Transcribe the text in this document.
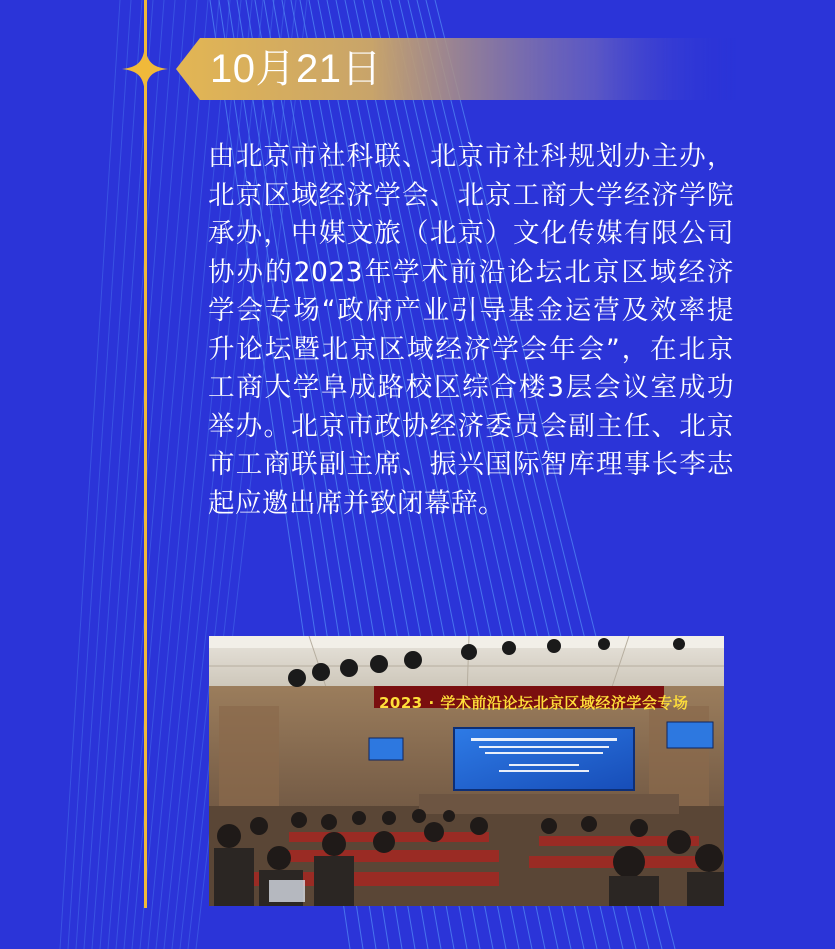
10月21日
由北京市社科联、北京市社科规划办主办，北京区域经济学会、北京工商大学经济学院承办，中媒文旅（北京）文化传媒有限公司协办的2023年学术前沿论坛北京区域经济学会专场“政府产业引导基金运营及效率提升论坛暨北京区域经济学会年会”，在北京工商大学阜成路校区综合楼3层会议室成功举办。北京市政协经济委员会副主任、北京市工商联副主席、振兴国际智库理事长李志起应邀出席并致闭幕辞。
2023 · 学术前沿论坛北京区域经济学会专场
